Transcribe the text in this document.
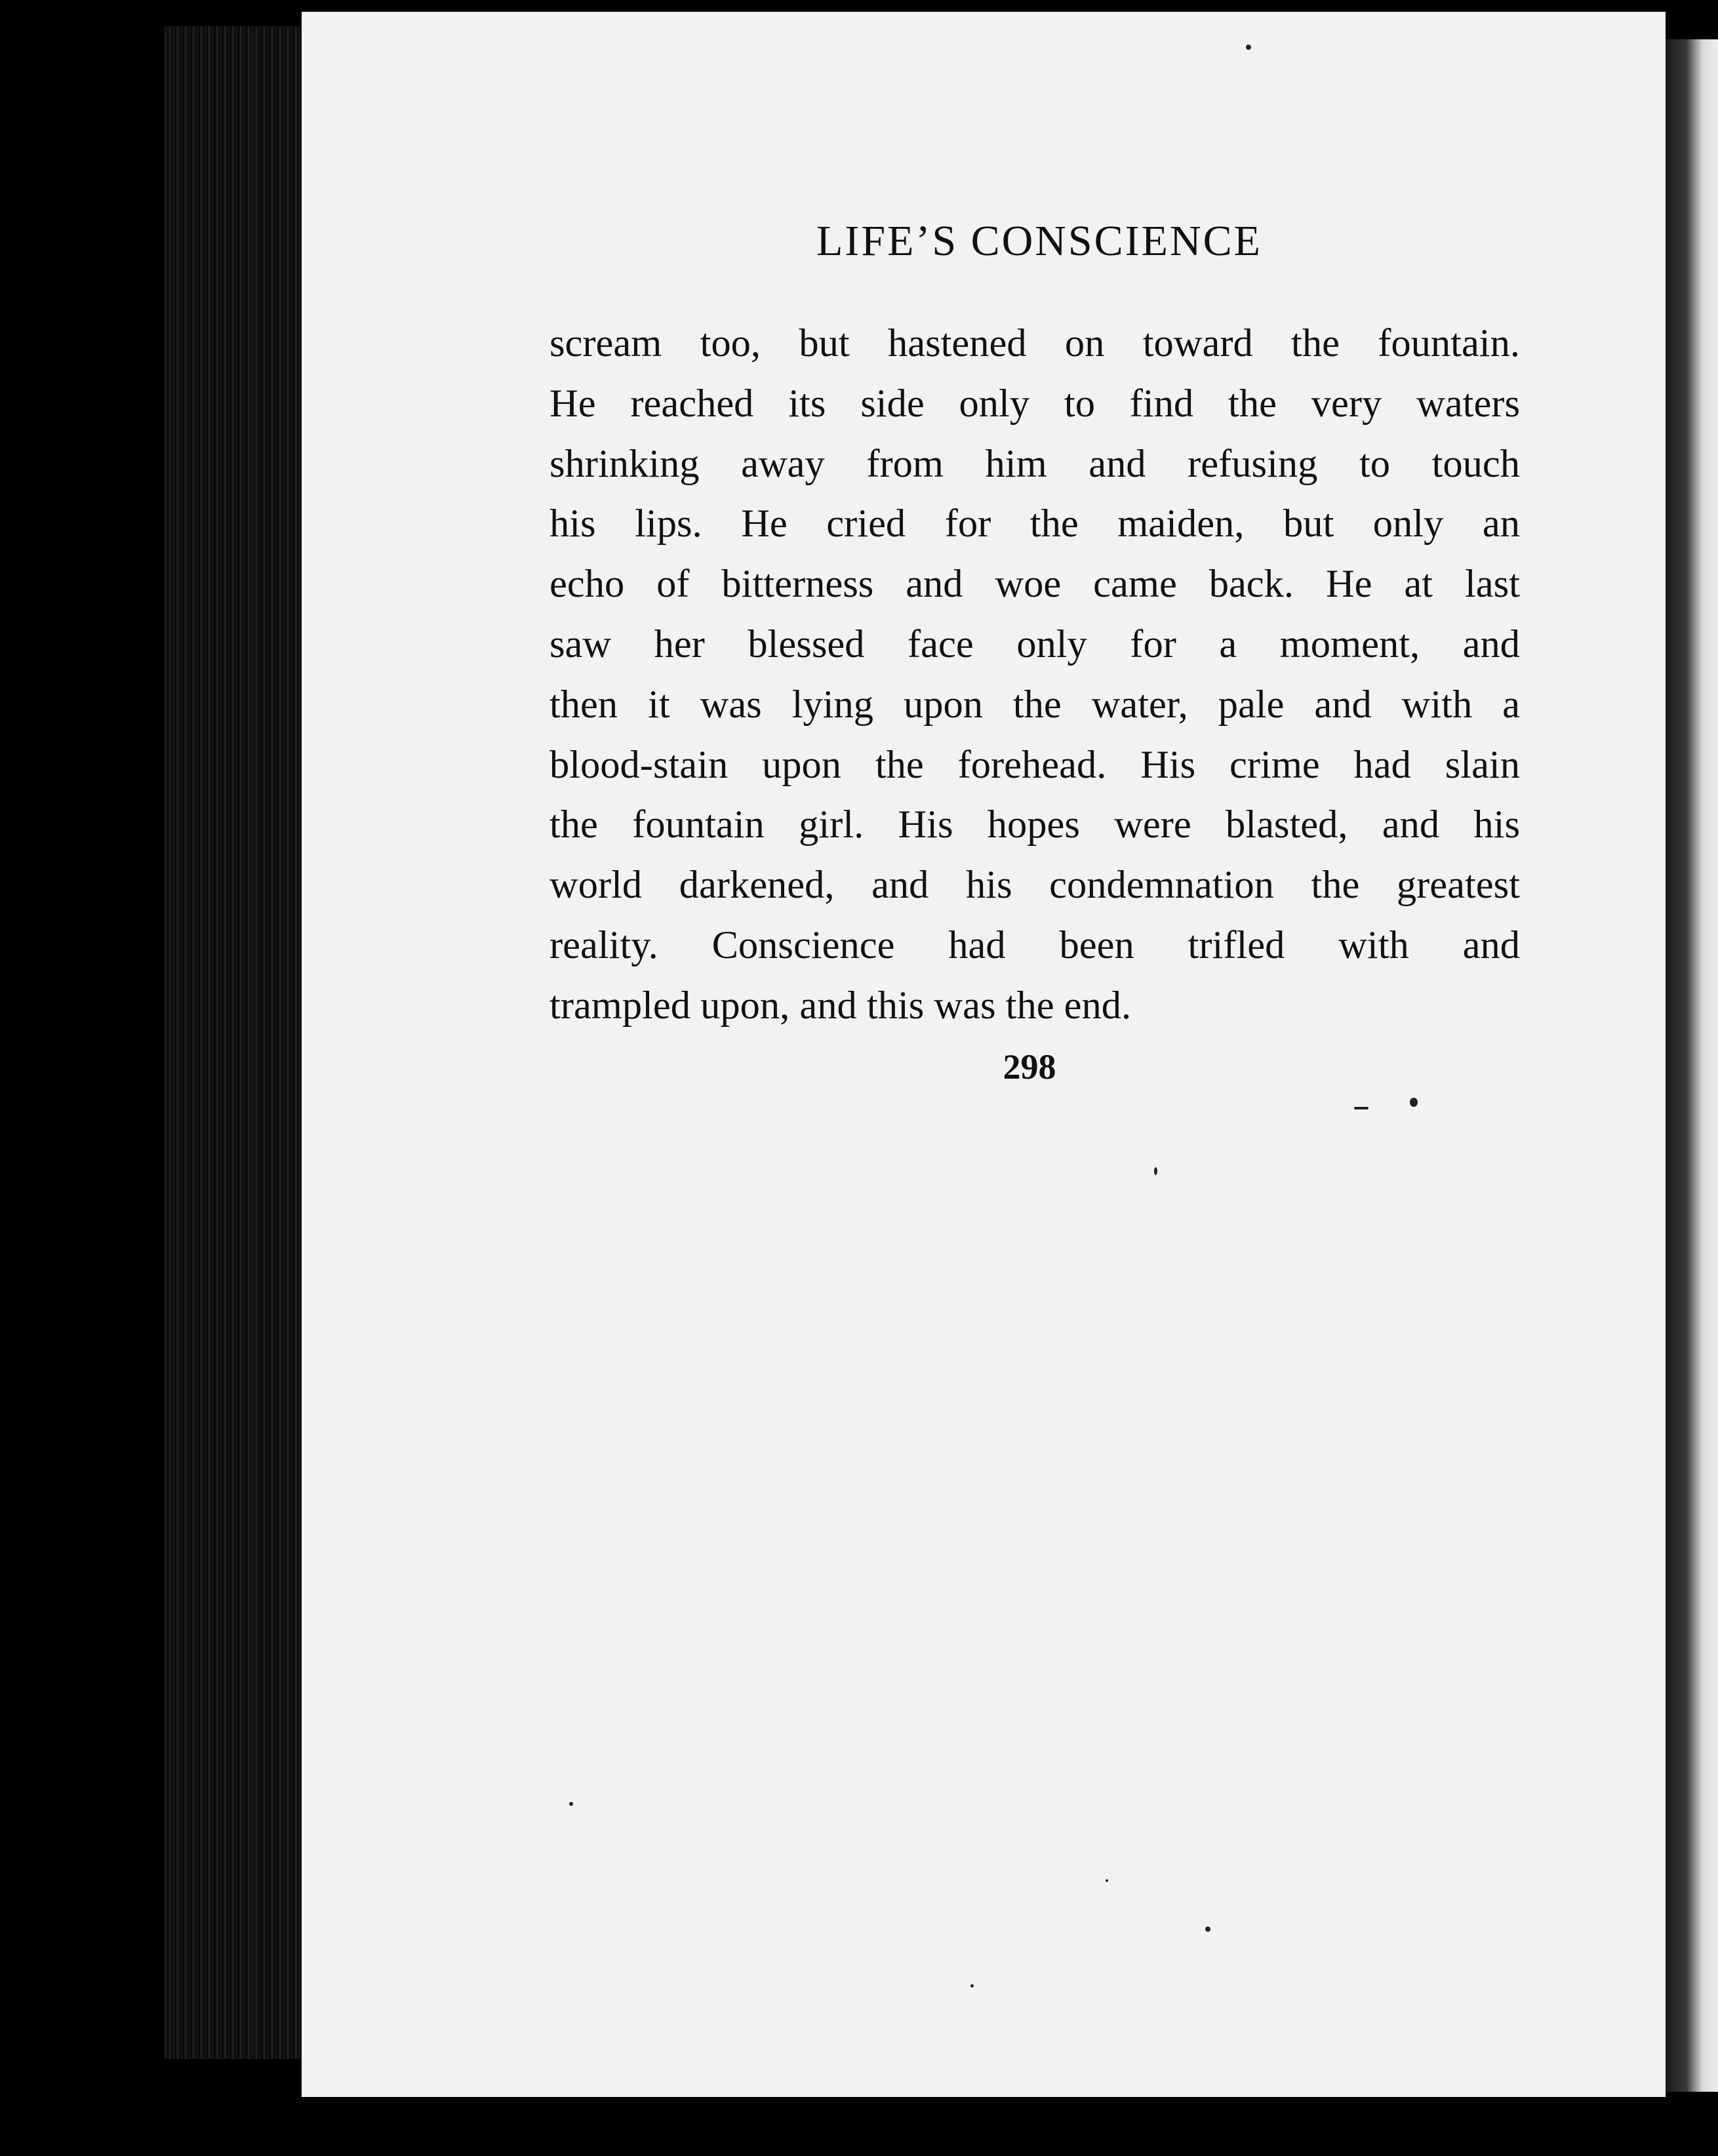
LIFE’S CONSCIENCE
scream too, but hastened on toward the fountain.
He reached its side only to find the very waters
shrinking away from him and refusing to touch
his lips. He cried for the maiden, but only an
echo of bitterness and woe came back. He at last
saw her blessed face only for a moment, and
then it was lying upon the water, pale and with a
blood-stain upon the forehead. His crime had slain
the fountain girl. His hopes were blasted, and his
world darkened, and his condemnation the greatest
reality. Conscience had been trifled with and
trampled upon, and this was the end.
298
